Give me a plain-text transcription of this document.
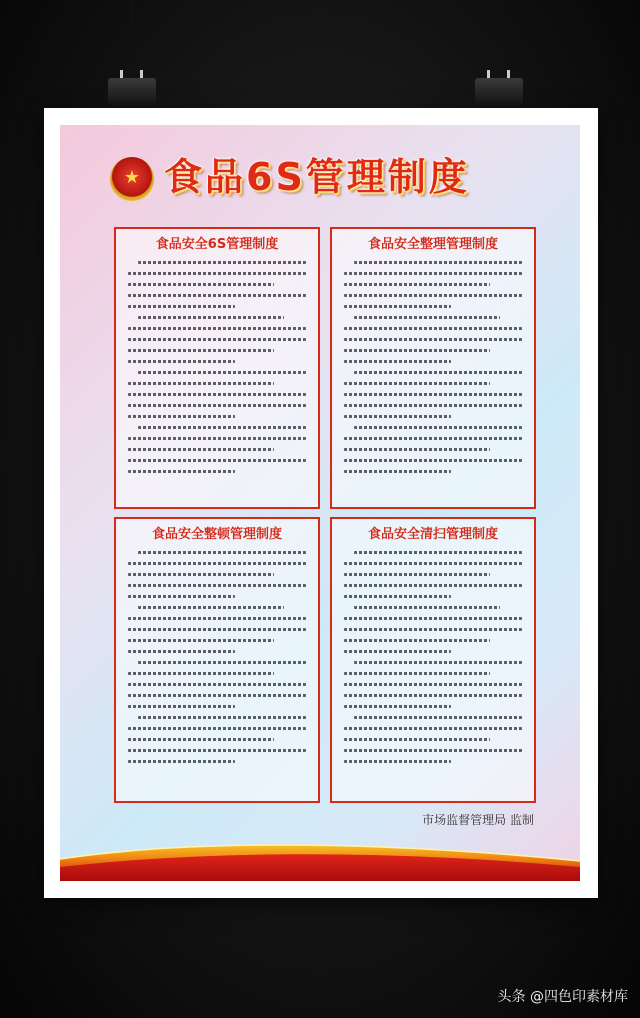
★ 食品6S管理制度
食品安全6S管理制度	食品安全整理管理制度
食品安全整顿管理制度	食品安全清扫管理制度
市场监督管理局 监制
头条 @四色印素材库
